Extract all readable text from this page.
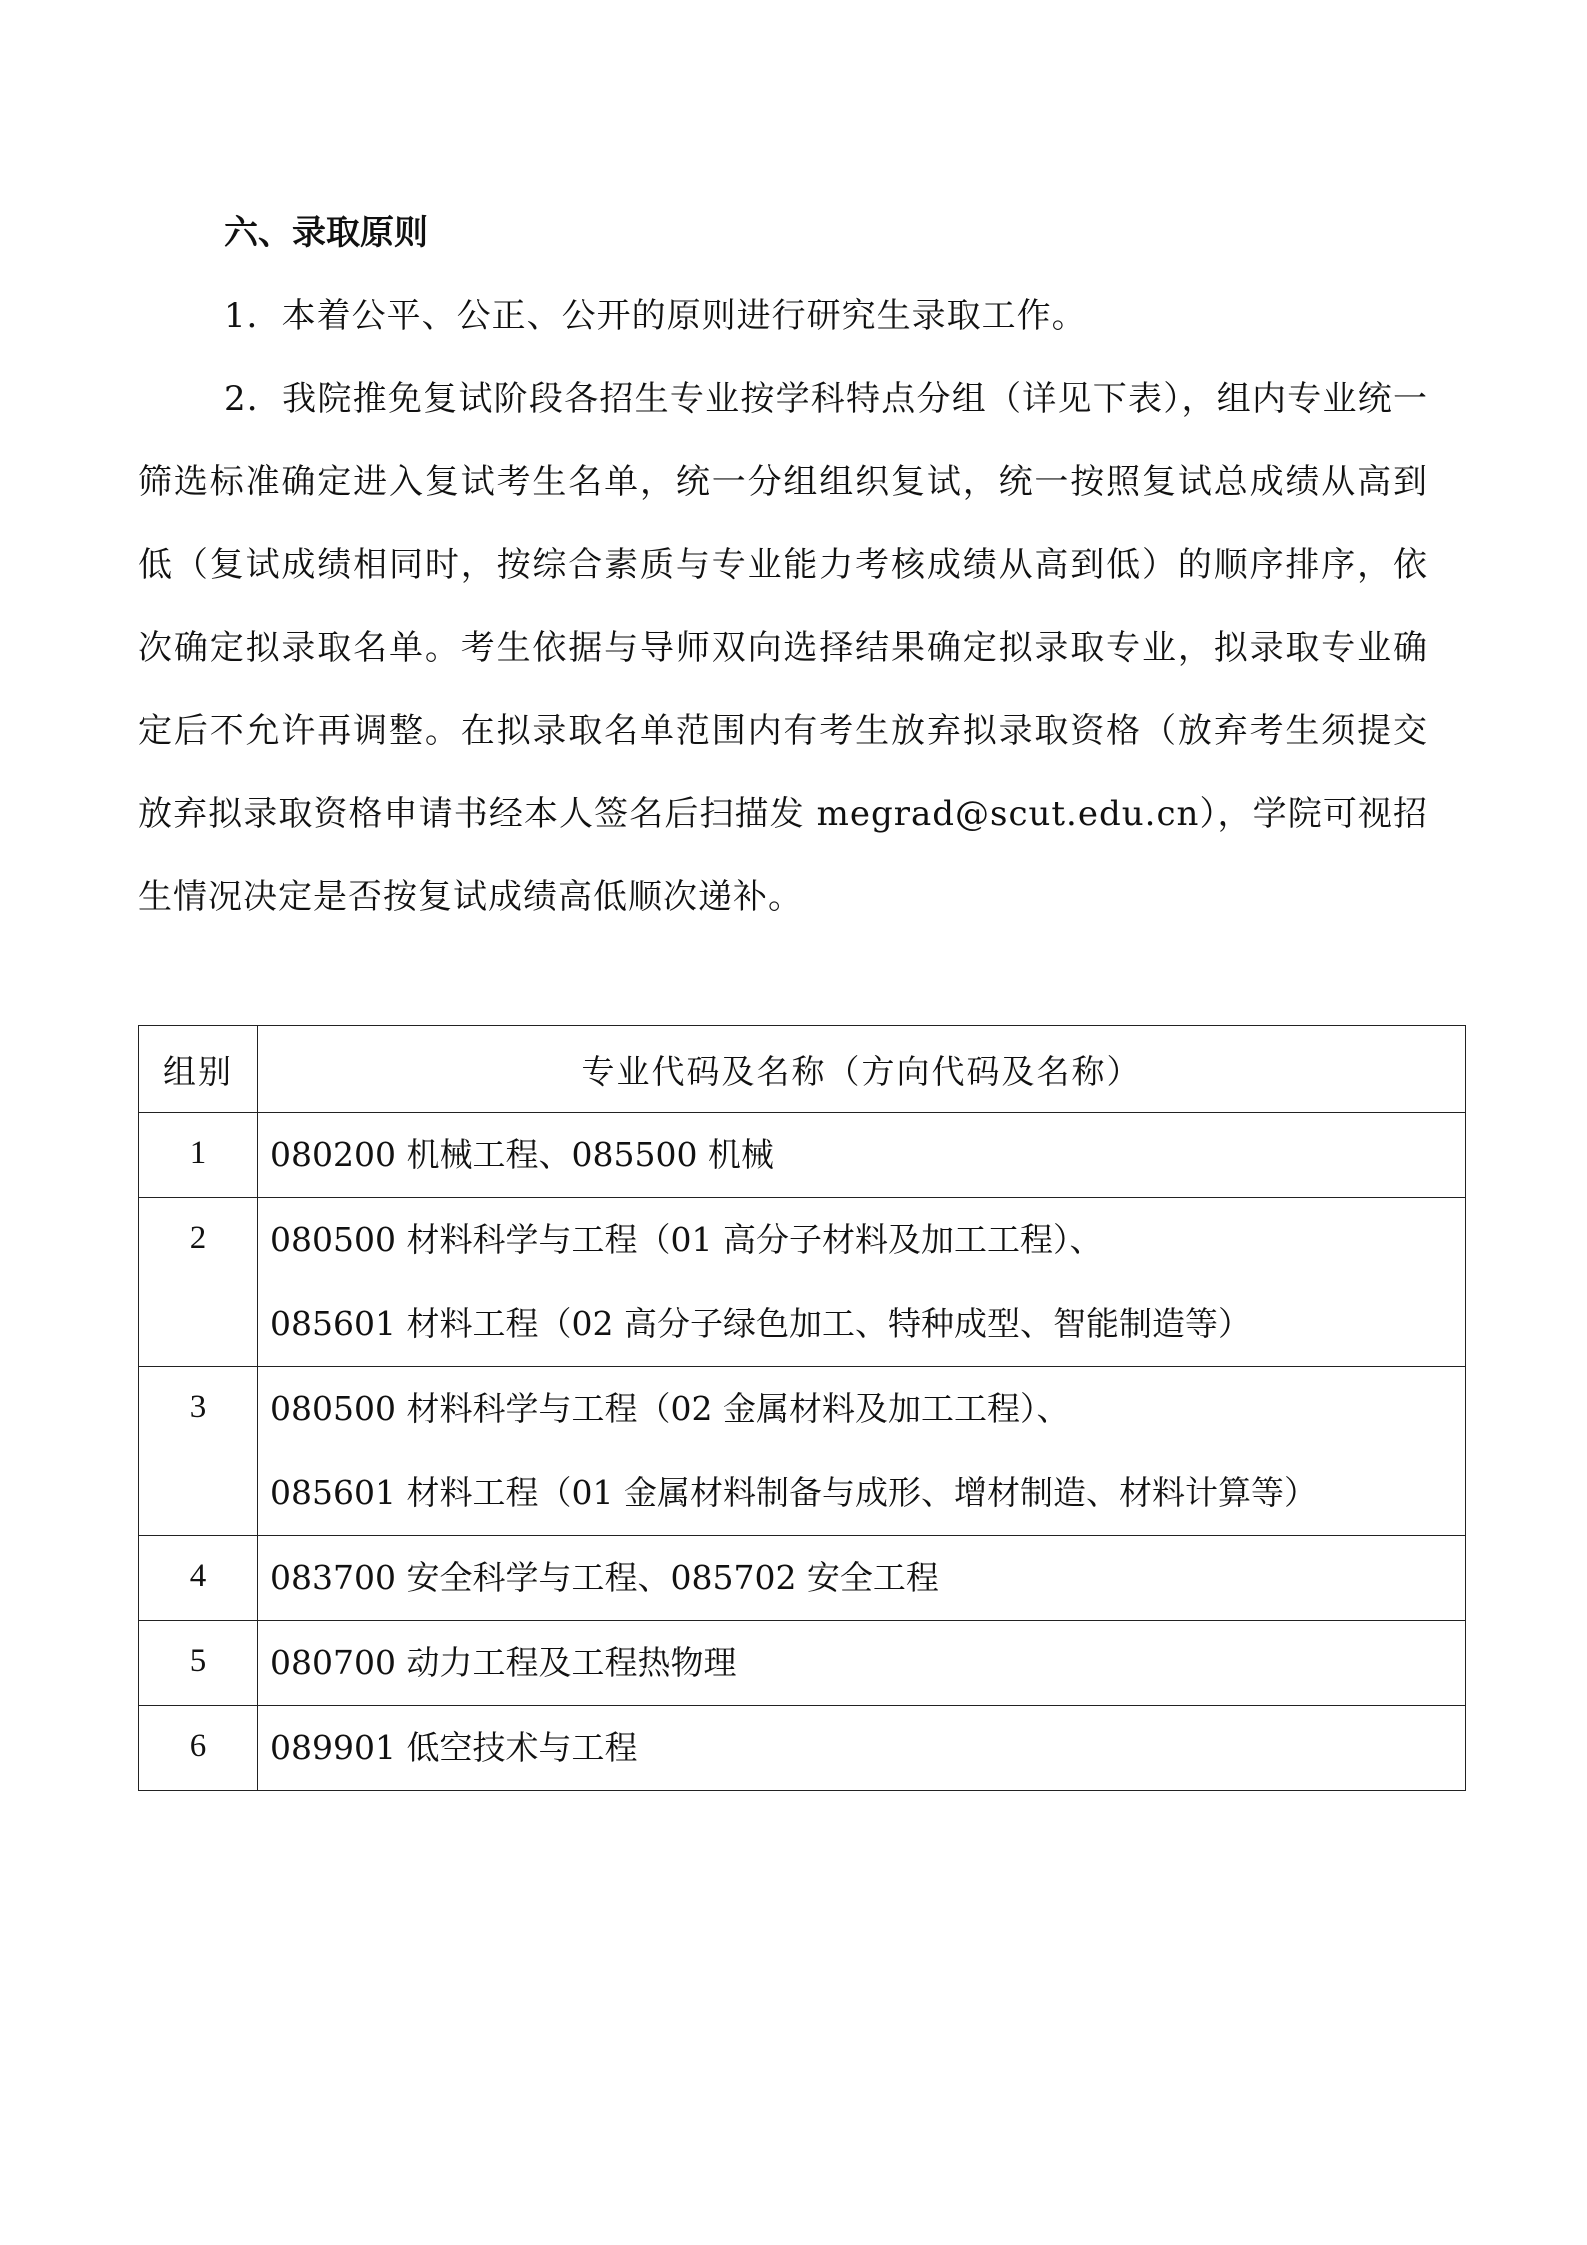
六、录取原则

1．本着公平、公正、公开的原则进行研究生录取工作。

2．我院推免复试阶段各招生专业按学科特点分组（详见下表），组内专业统一筛选标准确定进入复试考生名单，统一分组组织复试，统一按照复试总成绩从高到低（复试成绩相同时，按综合素质与专业能力考核成绩从高到低）的顺序排序，依次确定拟录取名单。考生依据与导师双向选择结果确定拟录取专业，拟录取专业确定后不允许再调整。在拟录取名单范围内有考生放弃拟录取资格（放弃考生须提交放弃拟录取资格申请书经本人签名后扫描发 megrad@scut.edu.cn），学院可视招生情况决定是否按复试成绩高低顺次递补。

组别	专业代码及名称（方向代码及名称）
1	080200 机械工程、085500 机械

2	080500 材料科学与工程（01 高分子材料及加工工程）、
085601 材料工程（02 高分子绿色加工、特种成型、智能制造等）

3	080500 材料科学与工程（02 金属材料及加工工程）、
085601 材料工程（01 金属材料制备与成形、增材制造、材料计算等）

4	083700 安全科学与工程、085702 安全工程

5	080700 动力工程及工程热物理

6	089901 低空技术与工程
